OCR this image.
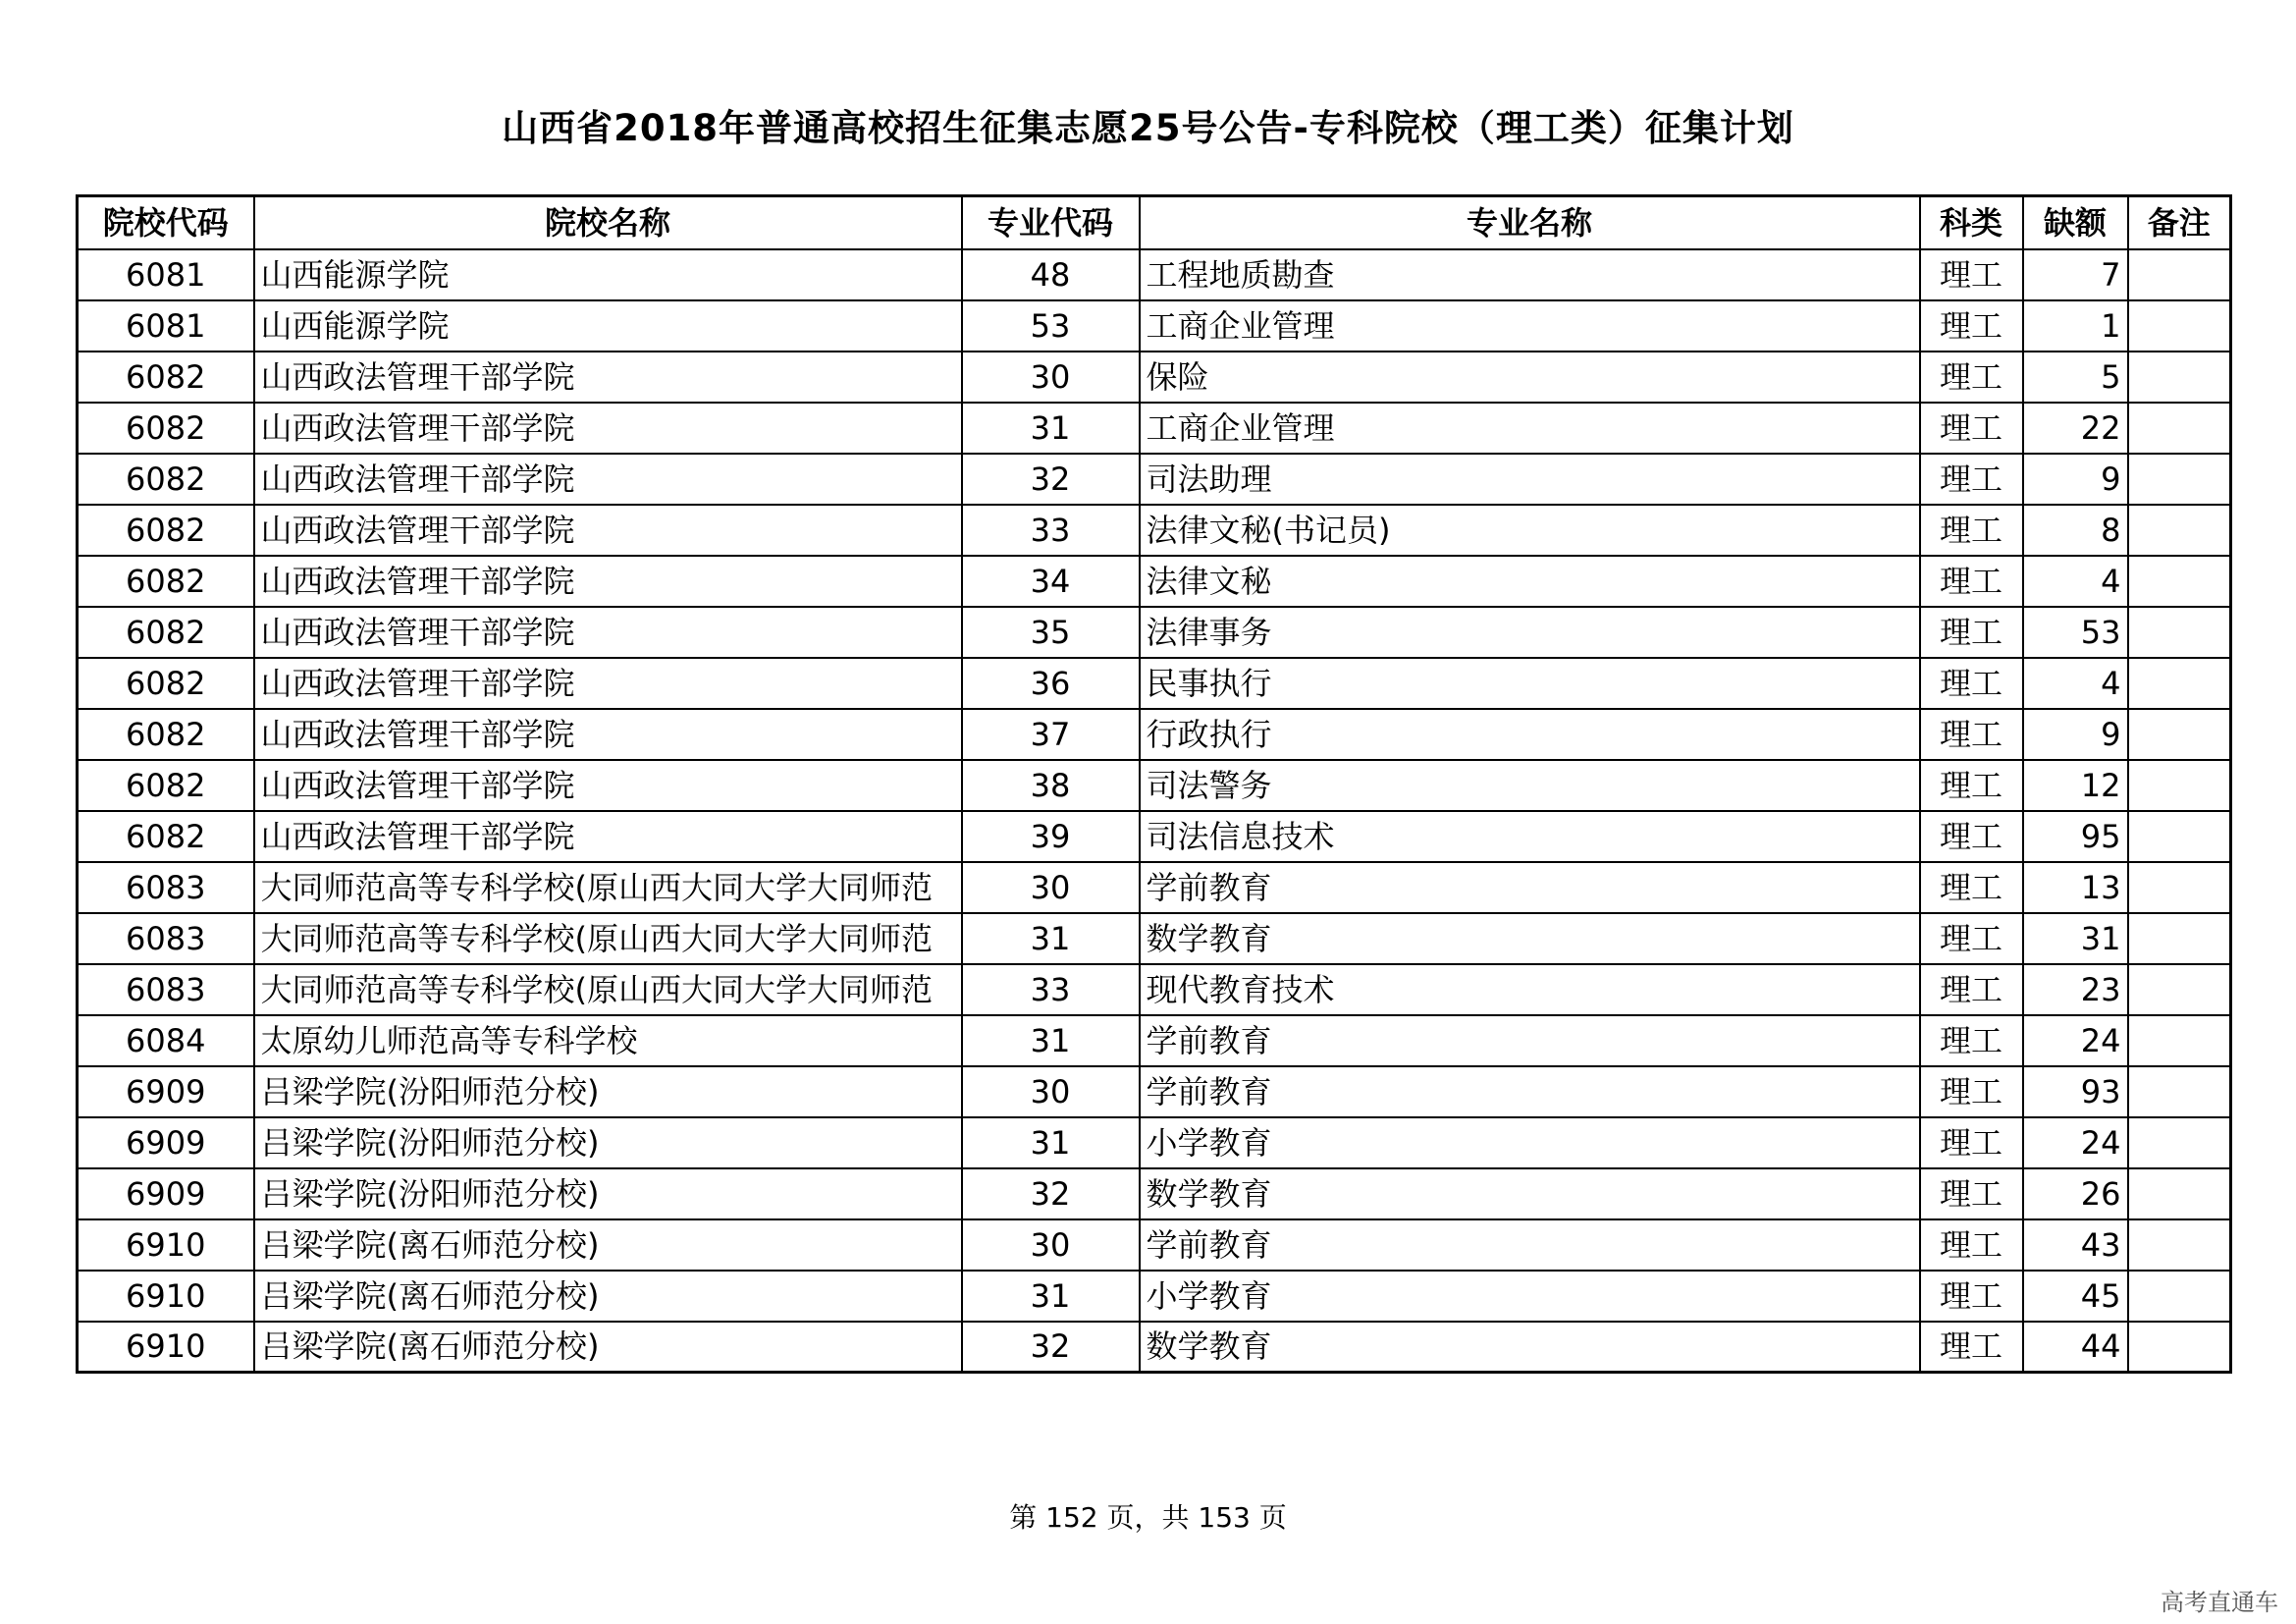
山西省2018年普通高校招生征集志愿25号公告-专科院校（理工类）征集计划
院校代码	院校名称	专业代码	专业名称	科类	缺额	备注
6081	山西能源学院	48	工程地质勘查	理工	7	
6081	山西能源学院	53	工商企业管理	理工	1	
6082	山西政法管理干部学院	30	保险	理工	5	
6082	山西政法管理干部学院	31	工商企业管理	理工	22	
6082	山西政法管理干部学院	32	司法助理	理工	9	
6082	山西政法管理干部学院	33	法律文秘(书记员)	理工	8	
6082	山西政法管理干部学院	34	法律文秘	理工	4	
6082	山西政法管理干部学院	35	法律事务	理工	53	
6082	山西政法管理干部学院	36	民事执行	理工	4	
6082	山西政法管理干部学院	37	行政执行	理工	9	
6082	山西政法管理干部学院	38	司法警务	理工	12	
6082	山西政法管理干部学院	39	司法信息技术	理工	95	
6083	大同师范高等专科学校(原山西大同大学大同师范	30	学前教育	理工	13	
6083	大同师范高等专科学校(原山西大同大学大同师范	31	数学教育	理工	31	
6083	大同师范高等专科学校(原山西大同大学大同师范	33	现代教育技术	理工	23	
6084	太原幼儿师范高等专科学校	31	学前教育	理工	24	
6909	吕梁学院(汾阳师范分校)	30	学前教育	理工	93	
6909	吕梁学院(汾阳师范分校)	31	小学教育	理工	24	
6909	吕梁学院(汾阳师范分校)	32	数学教育	理工	26	
6910	吕梁学院(离石师范分校)	30	学前教育	理工	43	
6910	吕梁学院(离石师范分校)	31	小学教育	理工	45	
6910	吕梁学院(离石师范分校)	32	数学教育	理工	44	
第 152 页，共 153 页
高考直通车
